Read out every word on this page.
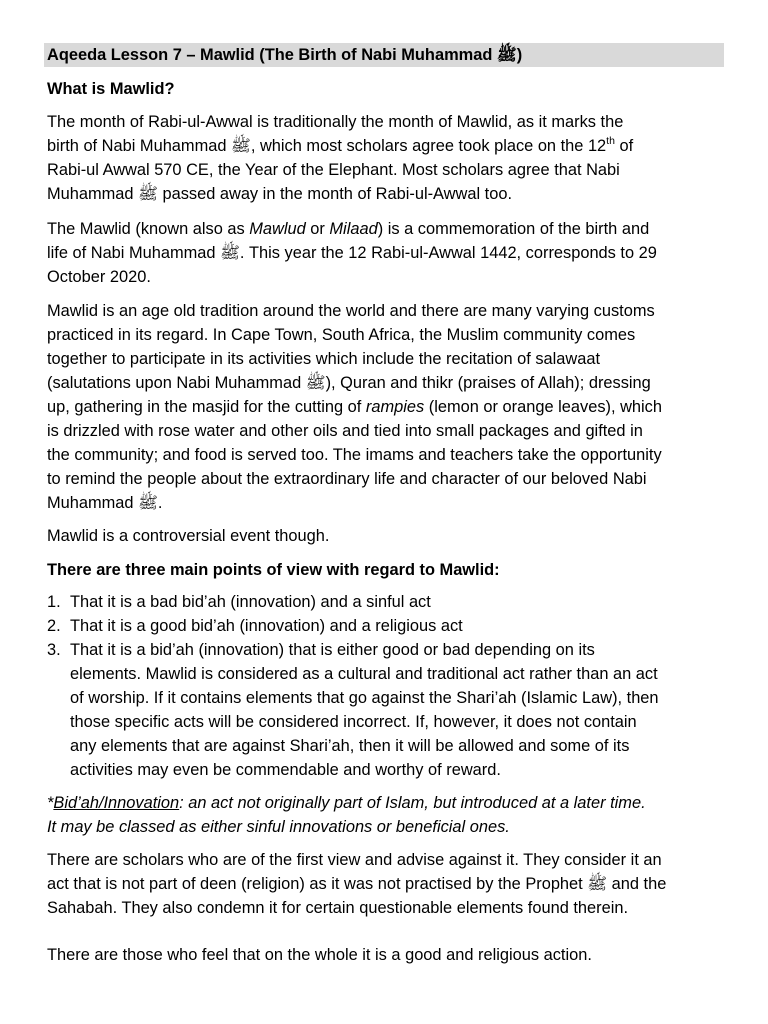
Aqeeda Lesson 7 – Mawlid (The Birth of Nabi Muhammad ﷺ)
What is Mawlid?
The month of Rabi-ul-Awwal is traditionally the month of Mawlid, as it marks the
birth of Nabi Muhammad ﷺ, which most scholars agree took place on the 12th of
Rabi-ul Awwal 570 CE, the Year of the Elephant. Most scholars agree that Nabi
Muhammad ﷺ passed away in the month of Rabi-ul-Awwal too.
The Mawlid (known also as Mawlud or Milaad) is a commemoration of the birth and
life of Nabi Muhammad ﷺ. This year the 12 Rabi-ul-Awwal 1442, corresponds to 29
October 2020.
Mawlid is an age old tradition around the world and there are many varying customs
practiced in its regard. In Cape Town, South Africa, the Muslim community comes
together to participate in its activities which include the recitation of salawaat
(salutations upon Nabi Muhammad ﷺ), Quran and thikr (praises of Allah); dressing
up, gathering in the masjid for the cutting of rampies (lemon or orange leaves), which
is drizzled with rose water and other oils and tied into small packages and gifted in
the community; and food is served too. The imams and teachers take the opportunity
to remind the people about the extraordinary life and character of our beloved Nabi
Muhammad ﷺ.
Mawlid is a controversial event though.
There are three main points of view with regard to Mawlid:
1. That it is a bad bid’ah (innovation) and a sinful act
2. That it is a good bid’ah (innovation) and a religious act
3. That it is a bid’ah (innovation) that is either good or bad depending on its
elements. Mawlid is considered as a cultural and traditional act rather than an act
of worship. If it contains elements that go against the Shari’ah (Islamic Law), then
those specific acts will be considered incorrect. If, however, it does not contain
any elements that are against Shari’ah, then it will be allowed and some of its
activities may even be commendable and worthy of reward.
*Bid’ah/Innovation: an act not originally part of Islam, but introduced at a later time.
It may be classed as either sinful innovations or beneficial ones.
There are scholars who are of the first view and advise against it. They consider it an
act that is not part of deen (religion) as it was not practised by the Prophet ﷺ and the
Sahabah. They also condemn it for certain questionable elements found therein.
There are those who feel that on the whole it is a good and religious action.
